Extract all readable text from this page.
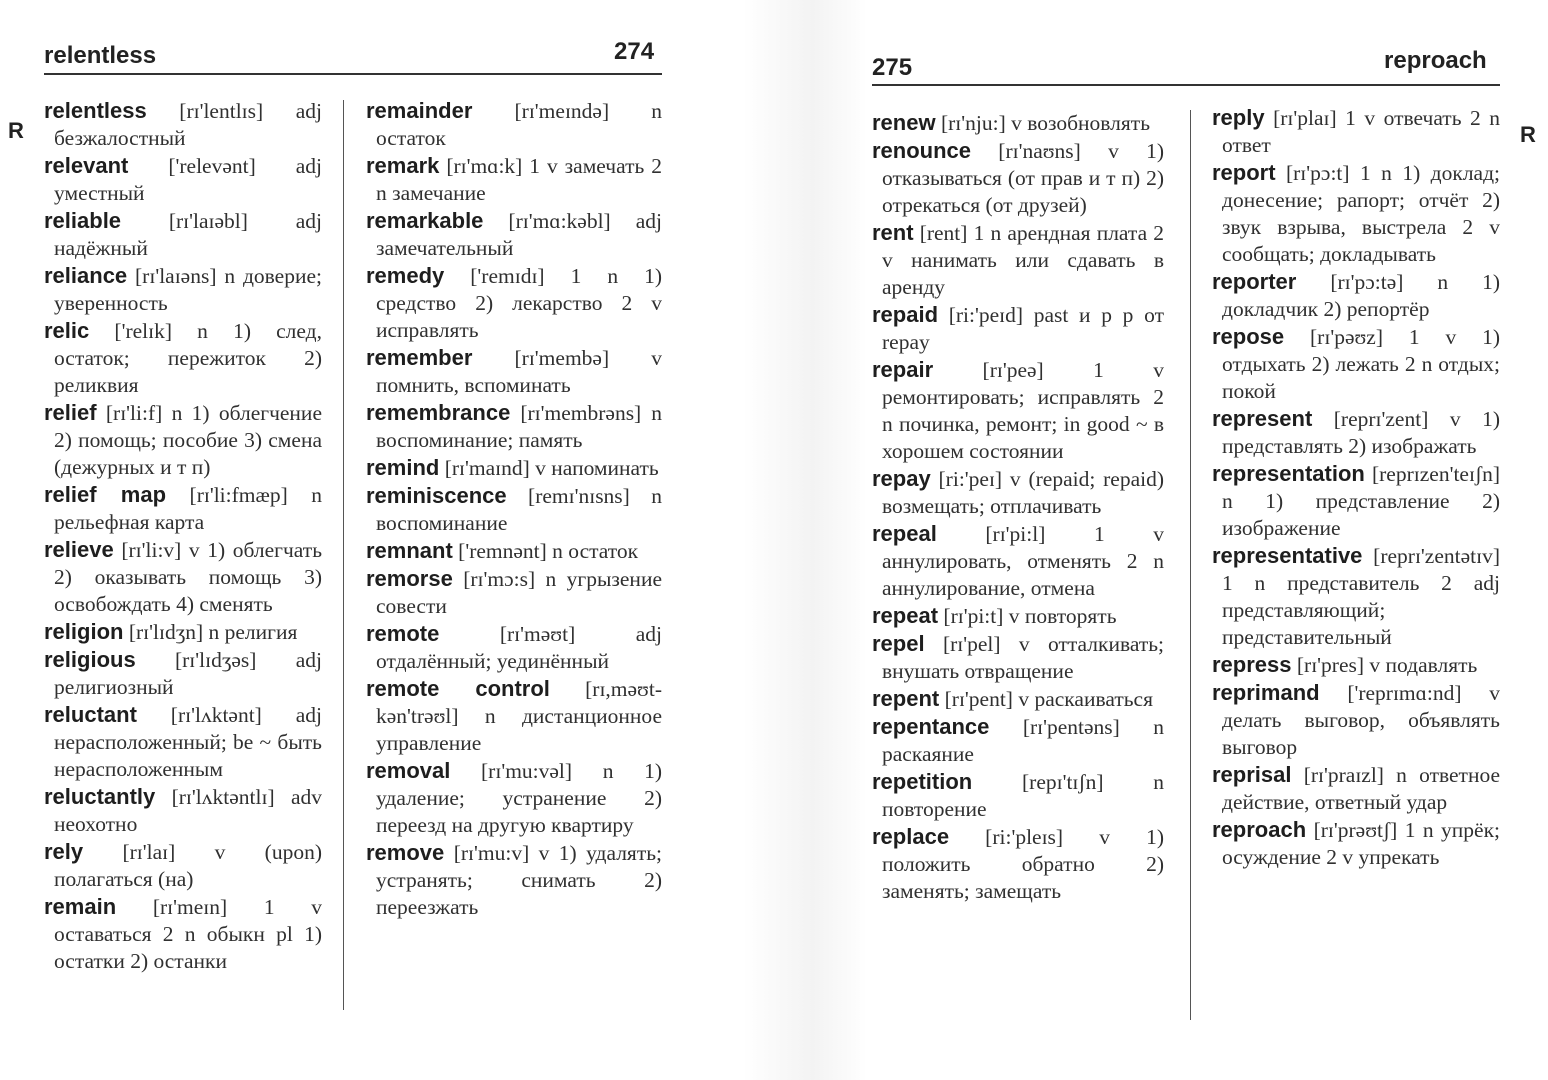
relentless	274
R

relentless [rɪ'lentlɪs] adj безжалостный

relevant ['relevənt] adj уместный

reliable [rɪ'laɪəbl] adj надёжный

reliance [rɪ'laɪəns] n доверие; уверенность

relic ['relɪk] n 1) след, остаток; пережиток 2) реликвия

relief [rɪ'li:f] n 1) облегчение 2) помощь; пособие 3) смена (дежурных и т п)

relief map [rɪ'li:fmæp] n рельефная карта

relieve [rɪ'li:v] v 1) облегчать 2) оказывать помощь 3) освобождать 4) сменять

religion [rɪ'lɪdʒn] n религия

religious [rɪ'lɪdʒəs] adj религиозный

reluctant [rɪ'lʌktənt] adj нерасположенный; be ~ быть нерасположенным

reluctantly [rɪ'lʌktəntlɪ] adv неохотно

rely [rɪ'laɪ] v (upon) полагаться (на)

remain [rɪ'meɪn] 1 v оставаться 2 n обыкн pl 1) остатки 2) останки

remainder [rɪ'meɪndə] n остаток

remark [rɪ'mɑ:k] 1 v замечать 2 n замечание

remarkable [rɪ'mɑ:kəbl] adj замечательный

remedy ['remɪdɪ] 1 n 1) средство 2) лекарство 2 v исправлять

remember [rɪ'membə] v помнить, вспоминать

remembrance [rɪ'membrəns] n воспоминание; память

remind [rɪ'maɪnd] v напоминать

reminiscence [remɪ'nɪsns] n воспоминание

remnant ['remnənt] n остаток

remorse [rɪ'mɔ:s] n угрызение совести

remote [rɪ'məʊt] adj отдалённый; уединённый

remote control [rɪ,məʊt-kən'trəʊl] n дистанционное управление

removal [rɪ'mu:vəl] n 1) удаление; устранение 2) переезд на другую квартиру

remove [rɪ'mu:v] v 1) удалять; устранять; снимать 2) переезжать

275	reproach
R

renew [rɪ'nju:] v возобновлять

renounce [rɪ'naʊns] v 1) отказываться (от прав и т п) 2) отрекаться (от друзей)

rent [rent] 1 n арендная плата 2 v нанимать или сдавать в аренду

repaid [ri:'peɪd] past и p p от repay

repair [rɪ'peə] 1 v ремонтировать; исправлять 2 n починка, ремонт; in good ~ в хорошем состоянии

repay [ri:'peɪ] v (repaid; repaid) возмещать; отплачивать

repeal [rɪ'pi:l] 1 v аннулировать, отменять 2 n аннулирование, отмена

repeat [rɪ'pi:t] v повторять

repel [rɪ'pel] v отталкивать; внушать отвращение

repent [rɪ'pent] v раскаиваться

repentance [rɪ'pentəns] n раскаяние

repetition [repɪ'tɪʃn] n повторение

replace [ri:'pleɪs] v 1) положить обратно 2) заменять; замещать

reply [rɪ'plaɪ] 1 v отвечать 2 n ответ

report [rɪ'pɔ:t] 1 n 1) доклад; донесение; рапорт; отчёт 2) звук взрыва, выстрела 2 v сообщать; докладывать

reporter [rɪ'pɔ:tə] n 1) докладчик 2) репортёр

repose [rɪ'pəʊz] 1 v 1) отдыхать 2) лежать 2 n отдых; покой

represent [reprɪ'zent] v 1) представлять 2) изображать

representation [reprɪzen'teɪʃn] n 1) представление 2) изображение

representative [reprɪ'zentətɪv] 1 n представитель 2 adj представляющий; представительный

repress [rɪ'pres] v подавлять

reprimand ['reprɪmɑ:nd] v делать выговор, объявлять выговор

reprisal [rɪ'praɪzl] n ответное действие, ответный удар

reproach [rɪ'prəʊtʃ] 1 n упрёк; осуждение 2 v упрекать
